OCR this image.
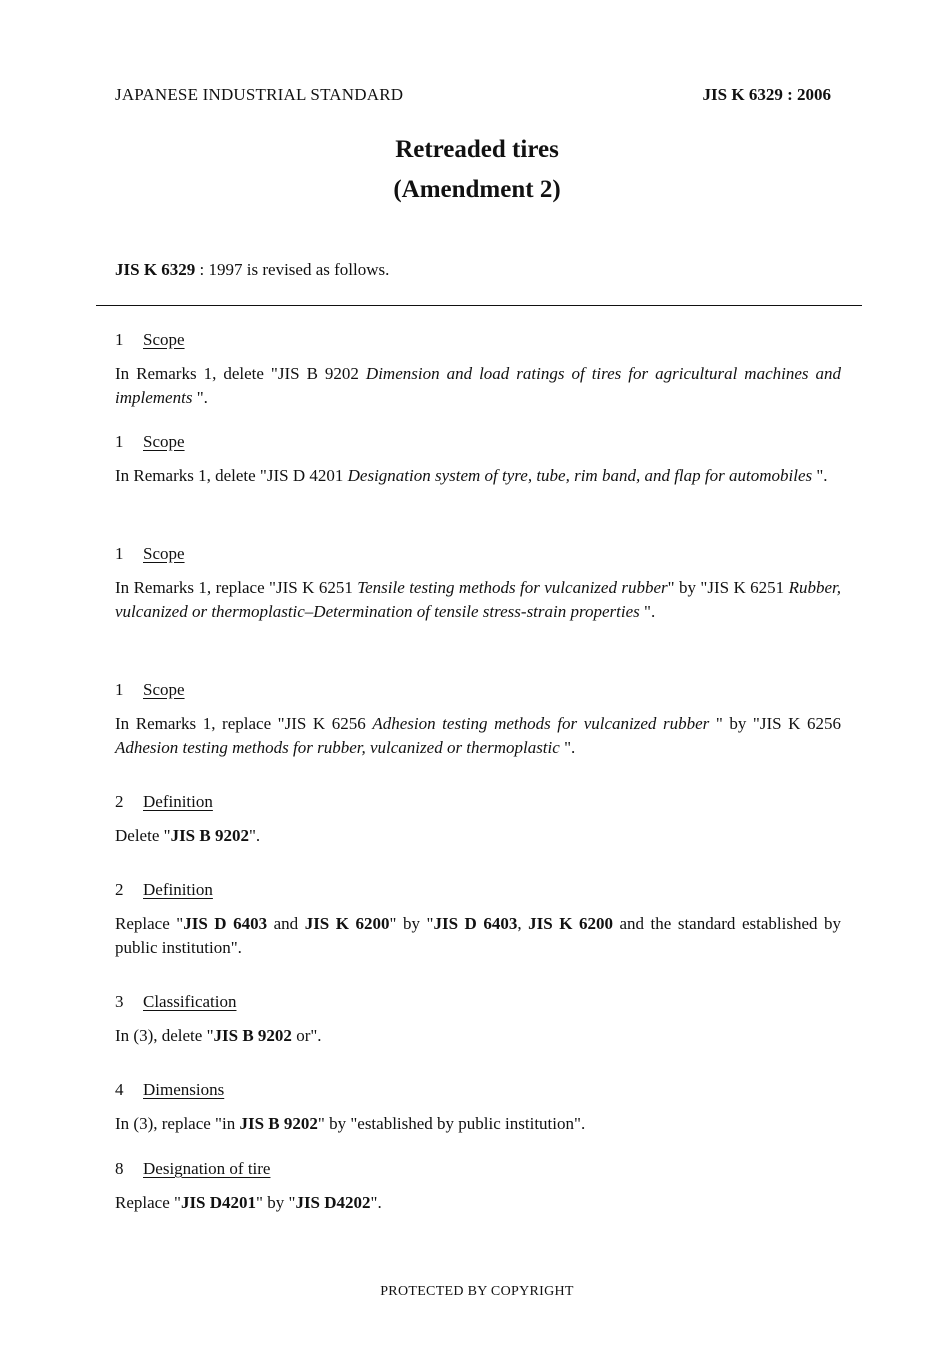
JAPANESE INDUSTRIAL STANDARD	JIS K 6329 : 2006
Retreaded tires
(Amendment 2)
JIS K 6329 : 1997 is revised as follows.
1 Scope
In Remarks 1, delete "JIS B 9202 Dimension and load ratings of tires for agricultural machines and implements ".
1 Scope
In Remarks 1, delete "JIS D 4201 Designation system of tyre, tube, rim band, and flap for automobiles ".
1 Scope
In Remarks 1, replace "JIS K 6251 Tensile testing methods for vulcanized rubber" by "JIS K 6251 Rubber, vulcanized or thermoplastic–Determination of tensile stress-strain properties ".
1 Scope
In Remarks 1, replace "JIS K 6256 Adhesion testing methods for vulcanized rubber " by "JIS K 6256 Adhesion testing methods for rubber, vulcanized or thermoplastic ".
2 Definition
Delete "JIS B 9202".
2 Definition
Replace "JIS D 6403 and JIS K 6200" by "JIS D 6403, JIS K 6200 and the standard established by public institution".
3 Classification
In (3), delete "JIS B 9202 or".
4 Dimensions
In (3), replace "in JIS B 9202" by "established by public institution".
8 Designation of tire
Replace "JIS D4201" by "JIS D4202".
PROTECTED BY COPYRIGHT
